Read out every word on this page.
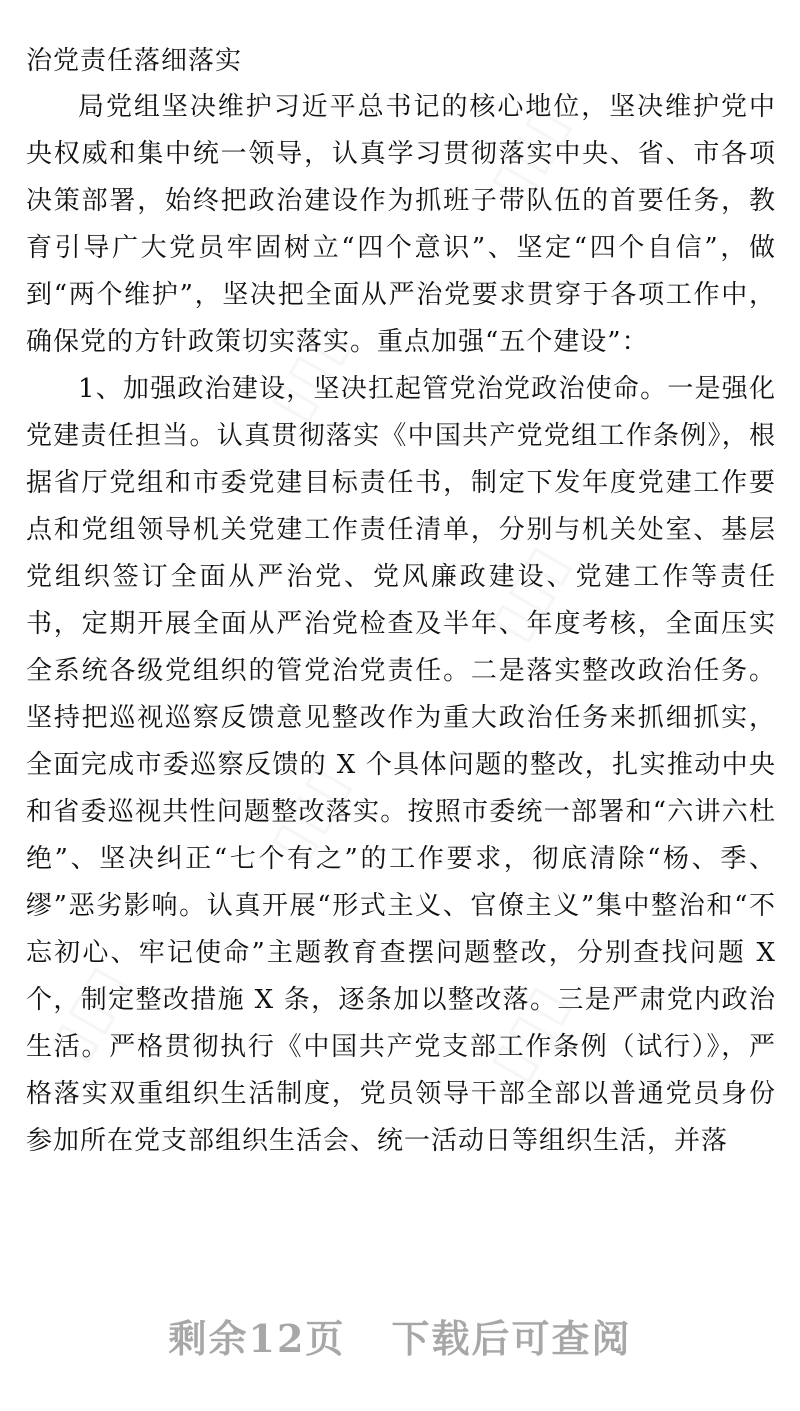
治党责任落细落实

局党组坚决维护习近平总书记的核心地位，坚决维护党中央权威和集中统一领导，认真学习贯彻落实中央、省、市各项决策部署，始终把政治建设作为抓班子带队伍的首要任务，教育引导广大党员牢固树立“四个意识”、坚定“四个自信”，做到“两个维护”，坚决把全面从严治党要求贯穿于各项工作中，确保党的方针政策切实落实。重点加强“五个建设”：

1、加强政治建设，坚决扛起管党治党政治使命。一是强化党建责任担当。认真贯彻落实《中国共产党党组工作条例》，根据省厅党组和市委党建目标责任书，制定下发年度党建工作要点和党组领导机关党建工作责任清单，分别与机关处室、基层党组织签订全面从严治党、党风廉政建设、党建工作等责任书，定期开展全面从严治党检查及半年、年度考核，全面压实全系统各级党组织的管党治党责任。二是落实整改政治任务。坚持把巡视巡察反馈意见整改作为重大政治任务来抓细抓实，全面完成市委巡察反馈的 X 个具体问题的整改，扎实推动中央和省委巡视共性问题整改落实。按照市委统一部署和“六讲六杜绝”、坚决纠正“七个有之”的工作要求，彻底清除“杨、季、缪”恶劣影响。认真开展“形式主义、官僚主义”集中整治和“不忘初心、牢记使命”主题教育查摆问题整改，分别查找问题 X 个，制定整改措施 X 条，逐条加以整改落。三是严肃党内政治生活。严格贯彻执行《中国共产党支部工作条例（试行）》，严格落实双重组织生活制度，党员领导干部全部以普通党员身份参加所在党支部组织生活会、统一活动日等组织生活，并落

剩余12页 下载后可查阅
